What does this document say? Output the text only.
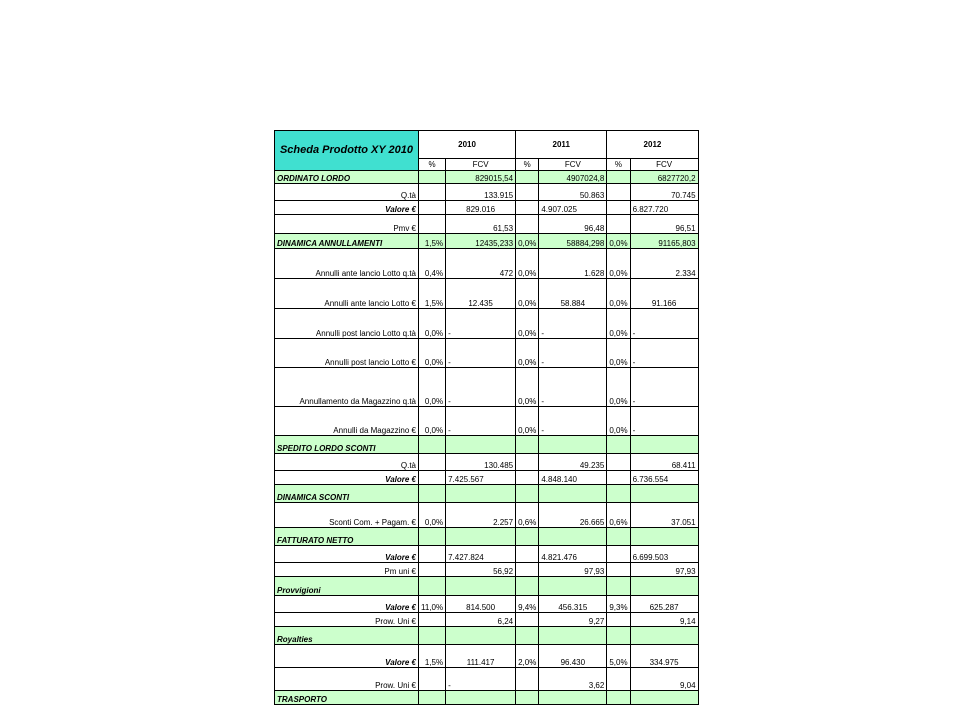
Scheda Prodotto XY 2010	2010		2011		2012	
	%	FCV	%	FCV	%	FCV
ORDINATO LORDO		829015,54		4907024,8		6827720,2
Q.tà		133.915		50.863		70.745
Valore €		829.016		4.907.025		6.827.720
Pmv €		61,53		96,48		96,51
DINAMICA ANNULLAMENTI	1,5%	12435,233	0,0%	58884,298	0,0%	91165,803
Annulli ante lancio Lotto q.tà	0,4%	472	0,0%	1.628	0,0%	2.334
Annulli ante lancio Lotto €	1,5%	12.435	0,0%	58.884	0,0%	91.166
Annulli post lancio Lotto q.tà	0,0%	-	0,0%	-	0,0%	-
Annulli post lancio Lotto €	0,0%	-	0,0%	-	0,0%	-
Annullamento da Magazzino q.tà	0,0%	-	0,0%	-	0,0%	-
Annulli da Magazzino €	0,0%	-	0,0%	-	0,0%	-
SPEDITO LORDO SCONTI						
Q.tà		130.485		49.235		68.411
Valore €		7.425.567		4.848.140		6.736.554
DINAMICA SCONTI						
Sconti Com. + Pagam. €	0,0%	2.257	0,6%	26.665	0,6%	37.051
FATTURATO NETTO						
Valore €		7.427.824		4.821.476		6.699.503
Pm uni €		56,92		97,93		97,93
Provvigioni						
Valore €	11,0%	814.500	9,4%	456.315	9,3%	625.287
Prow. Uni €		6,24		9,27		9,14
Royalties						
Valore €	1,5%	111.417	2,0%	96.430	5,0%	334.975
Prow. Uni €		-		3,62		9,04
TRASPORTO						
